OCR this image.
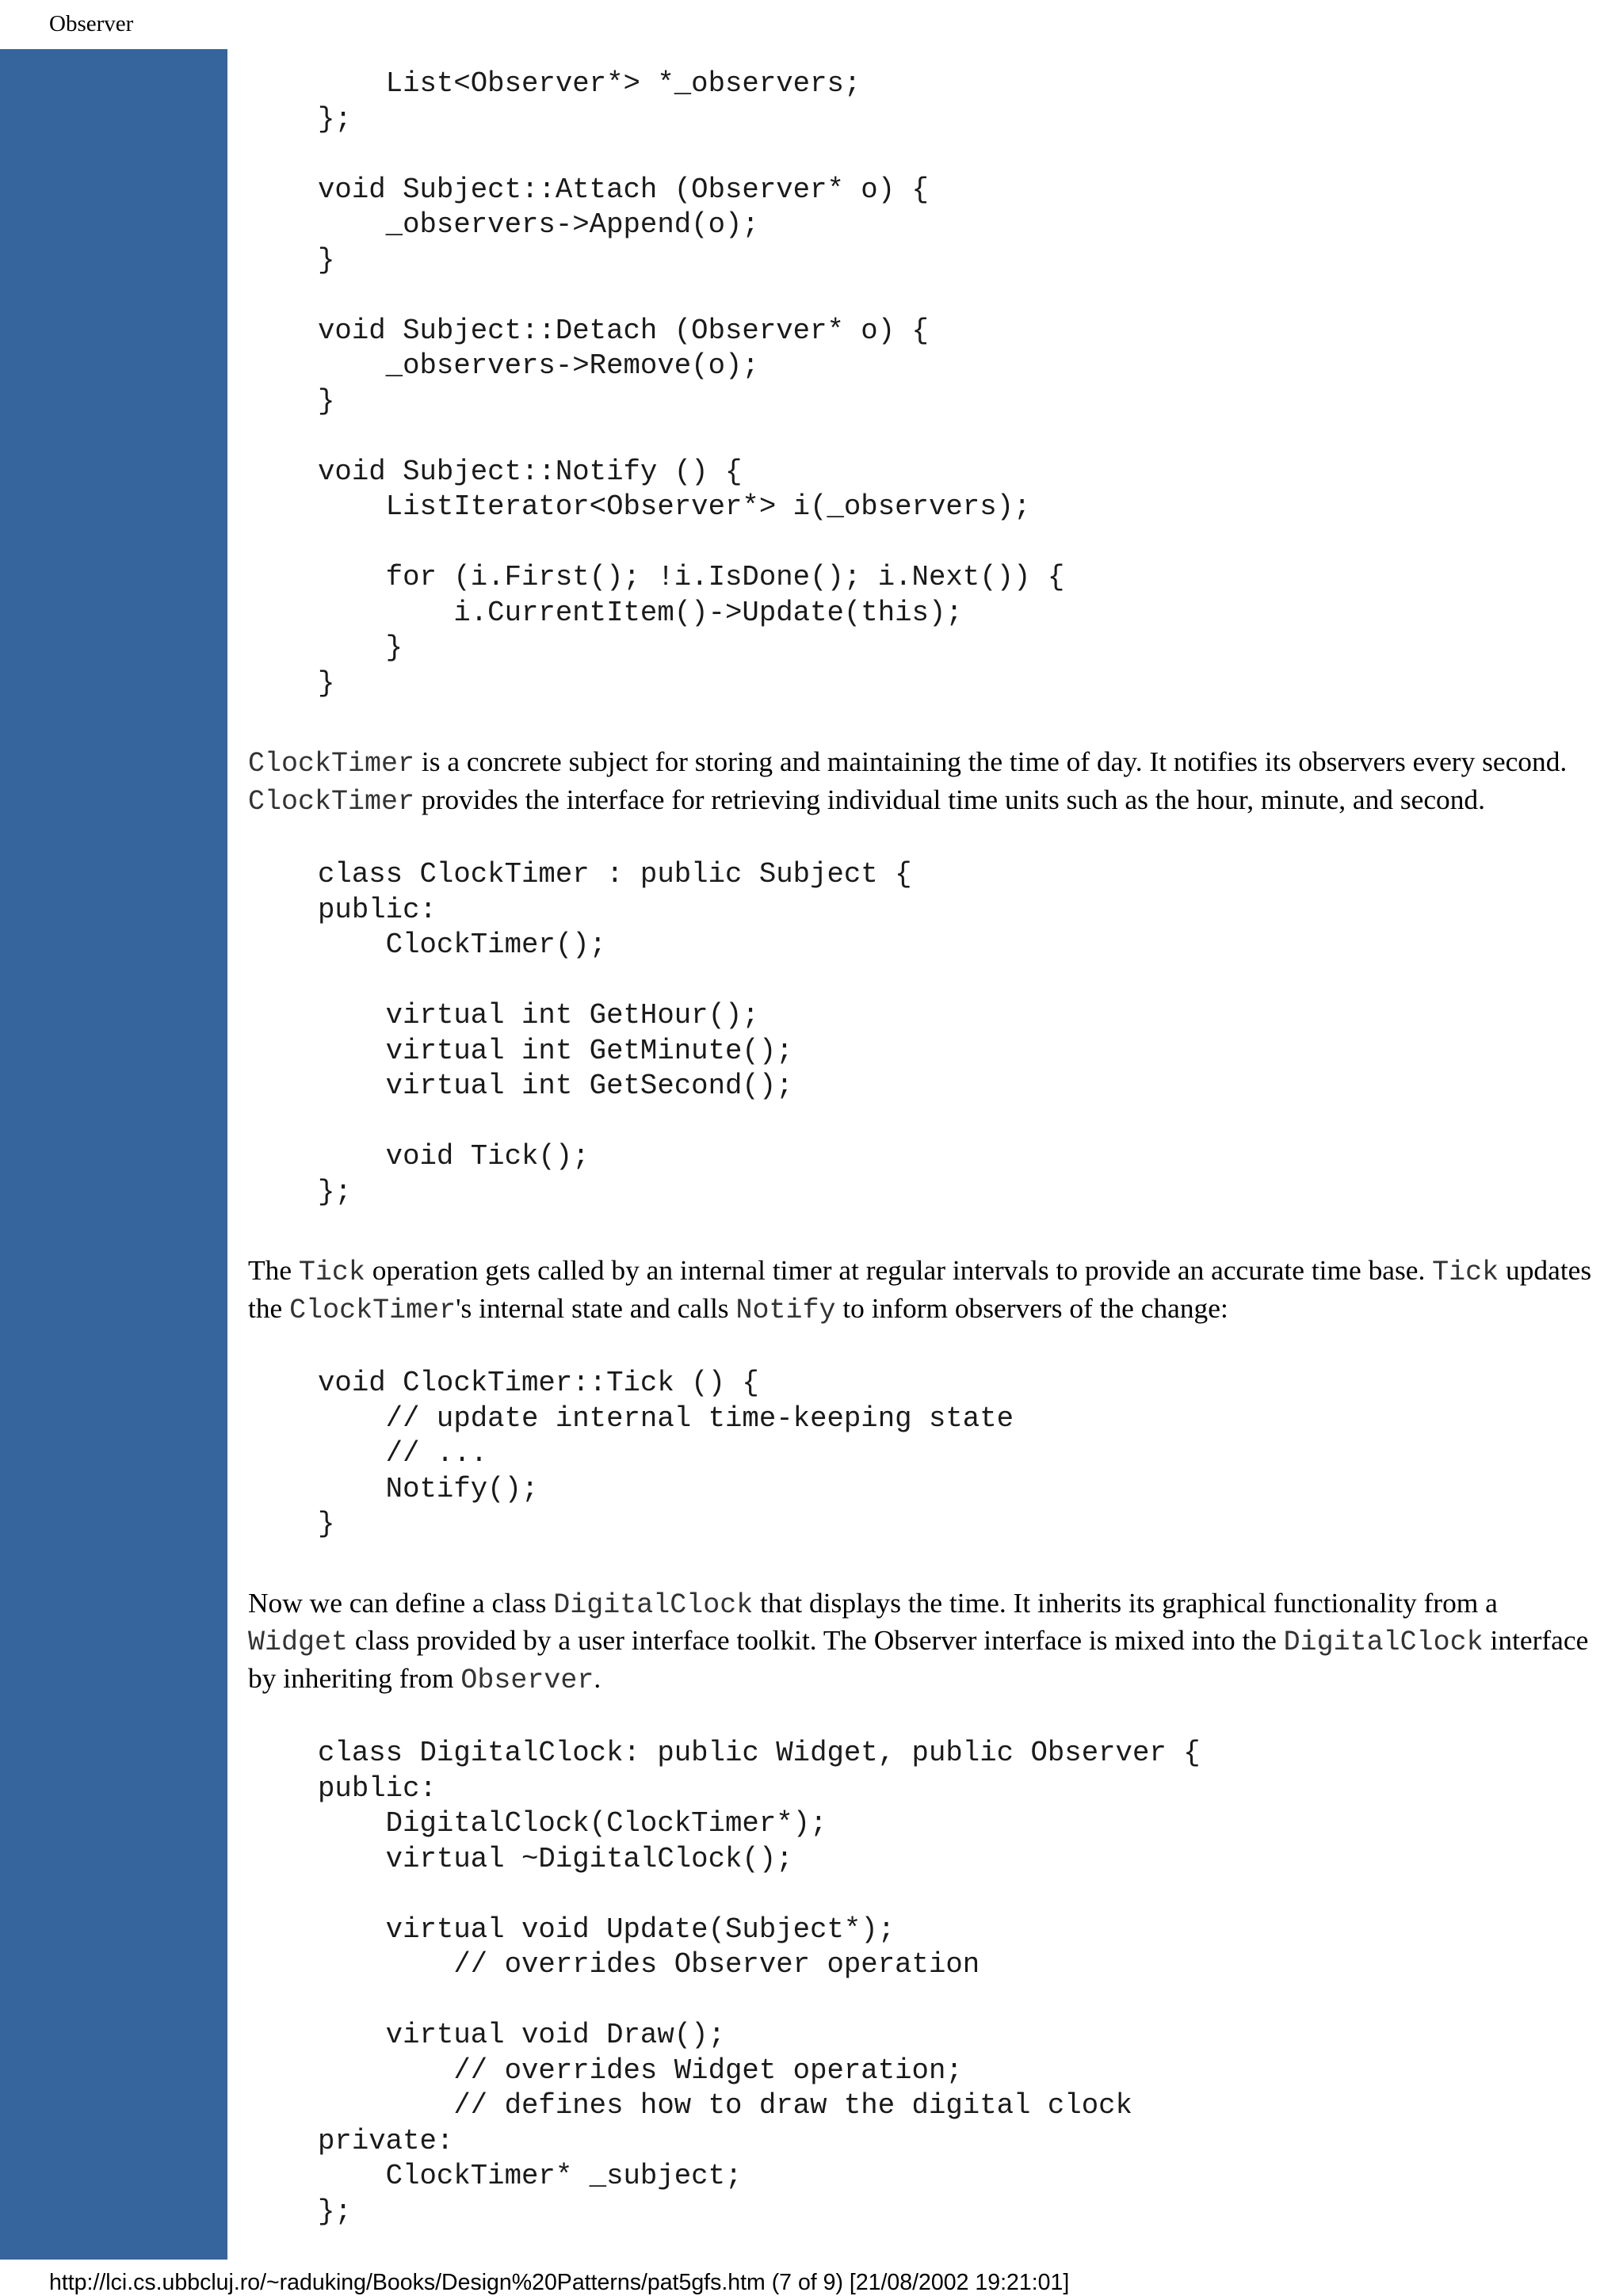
Observer
List<Observer*> *_observers;
};

void Subject::Attach (Observer* o) {
_observers->Append(o);
}

void Subject::Detach (Observer* o) {
_observers->Remove(o);
}

void Subject::Notify () {
ListIterator<Observer*> i(_observers);

for (i.First(); !i.IsDone(); i.Next()) {
i.CurrentItem()->Update(this);
}
}

ClockTimer is a concrete subject for storing and maintaining the time of day. It notifies its observers every second. ClockTimer provides the interface for retrieving individual time units such as the hour, minute, and second.

class ClockTimer : public Subject {
public:
ClockTimer();

virtual int GetHour();
virtual int GetMinute();
virtual int GetSecond();

void Tick();
};

The Tick operation gets called by an internal timer at regular intervals to provide an accurate time base. Tick updates the ClockTimer's internal state and calls Notify to inform observers of the change:

void ClockTimer::Tick () {
// update internal time-keeping state
// ...
Notify();
}

Now we can define a class DigitalClock that displays the time. It inherits its graphical functionality from a Widget class provided by a user interface toolkit. The Observer interface is mixed into the DigitalClock interface by inheriting from Observer.

class DigitalClock: public Widget, public Observer {
public:
DigitalClock(ClockTimer*);
virtual ~DigitalClock();

virtual void Update(Subject*);
// overrides Observer operation

virtual void Draw();
// overrides Widget operation;
// defines how to draw the digital clock
private:
ClockTimer* _subject;
};
http://lci.cs.ubbcluj.ro/~raduking/Books/Design%20Patterns/pat5gfs.htm (7 of 9) [21/08/2002 19:21:01]
